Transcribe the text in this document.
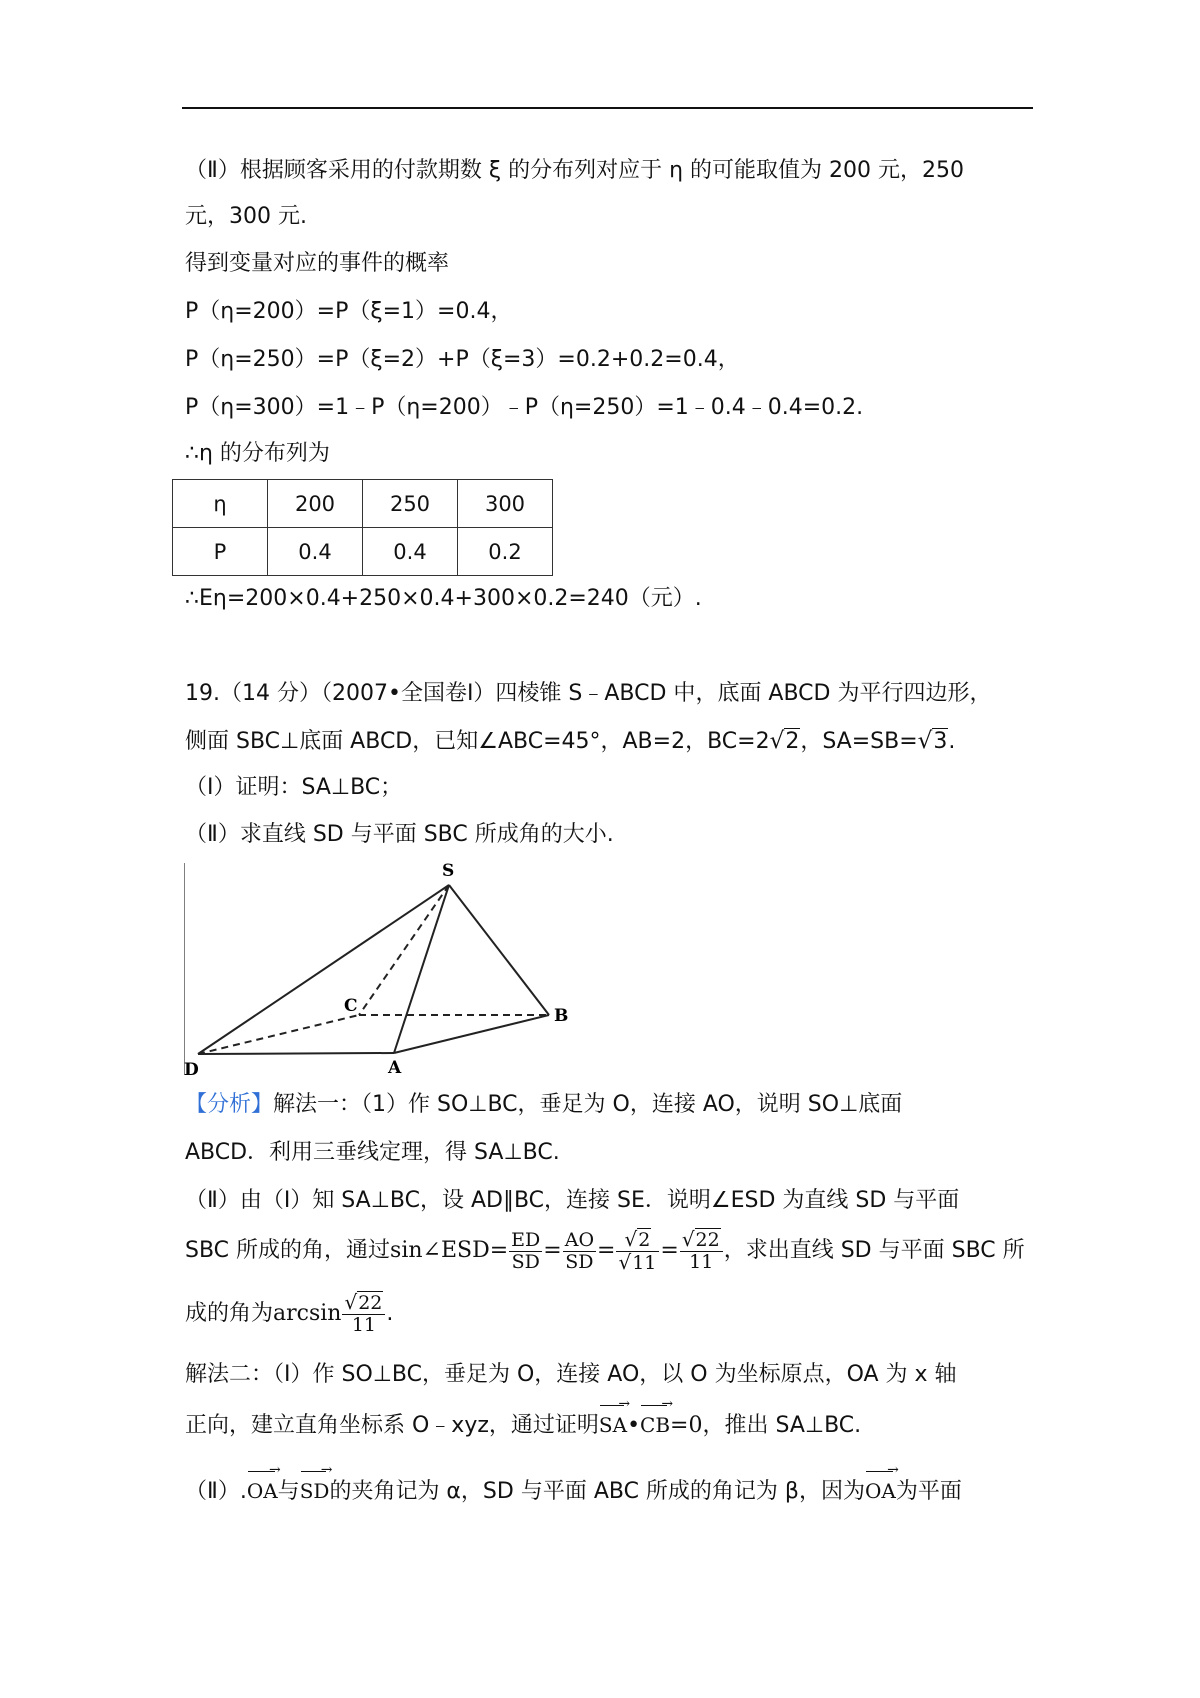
（Ⅱ）根据顾客采用的付款期数 ξ 的分布列对应于 η 的可能取值为 200 元，250
元，300 元.
得到变量对应的事件的概率
P（η=200）=P（ξ=1）=0.4，
P（η=250）=P（ξ=2）+P（ξ=3）=0.2+0.2=0.4，
P（η=300）=1﹣P（η=200）﹣P（η=250）=1﹣0.4﹣0.4=0.2.
∴η 的分布列为
η	200	250	300
P	0.4	0.4	0.2
∴Eη=200×0.4+250×0.4+300×0.2=240（元）.
19.（14 分）（2007•全国卷Ⅰ）四棱锥 S﹣ABCD 中，底面 ABCD 为平行四边形，
侧面 SBC⊥底面 ABCD，已知∠ABC=45°，AB=2，BC=2√2，SA=SB=√3.
（Ⅰ）证明：SA⊥BC；
（Ⅱ）求直线 SD 与平面 SBC 所成角的大小.
S
B
C
D	A
【分析】解法一：（1）作 SO⊥BC，垂足为 O，连接 AO，说明 SO⊥底面
ABCD．利用三垂线定理，得 SA⊥BC.
（Ⅱ）由（Ⅰ）知 SA⊥BC，设 AD∥BC，连接 SE．说明∠ESD 为直线 SD 与平面
SBC 所成的角，通过sin∠ESD= $\frac{ED}{SD} = \frac{AO}{SD} = \frac{√2}{√11} = \frac{√22}{11}$ ，求出直线 SD 与平面 SBC 所
成的角为$\arcsin \frac{√22}{11}$ .
解法二：（Ⅰ）作 SO⊥BC，垂足为 O，连接 AO，以 O 为坐标原点，OA 为 x 轴
正向，建立直角坐标系 O﹣xyz，通过证明
→
SA•
→
CB=0，推出 SA⊥BC.
（Ⅱ）.
→
OA与
→
SD的夹角记为 α，SD 与平面 ABC 所成的角记为 β，因为
→
OA为平面
